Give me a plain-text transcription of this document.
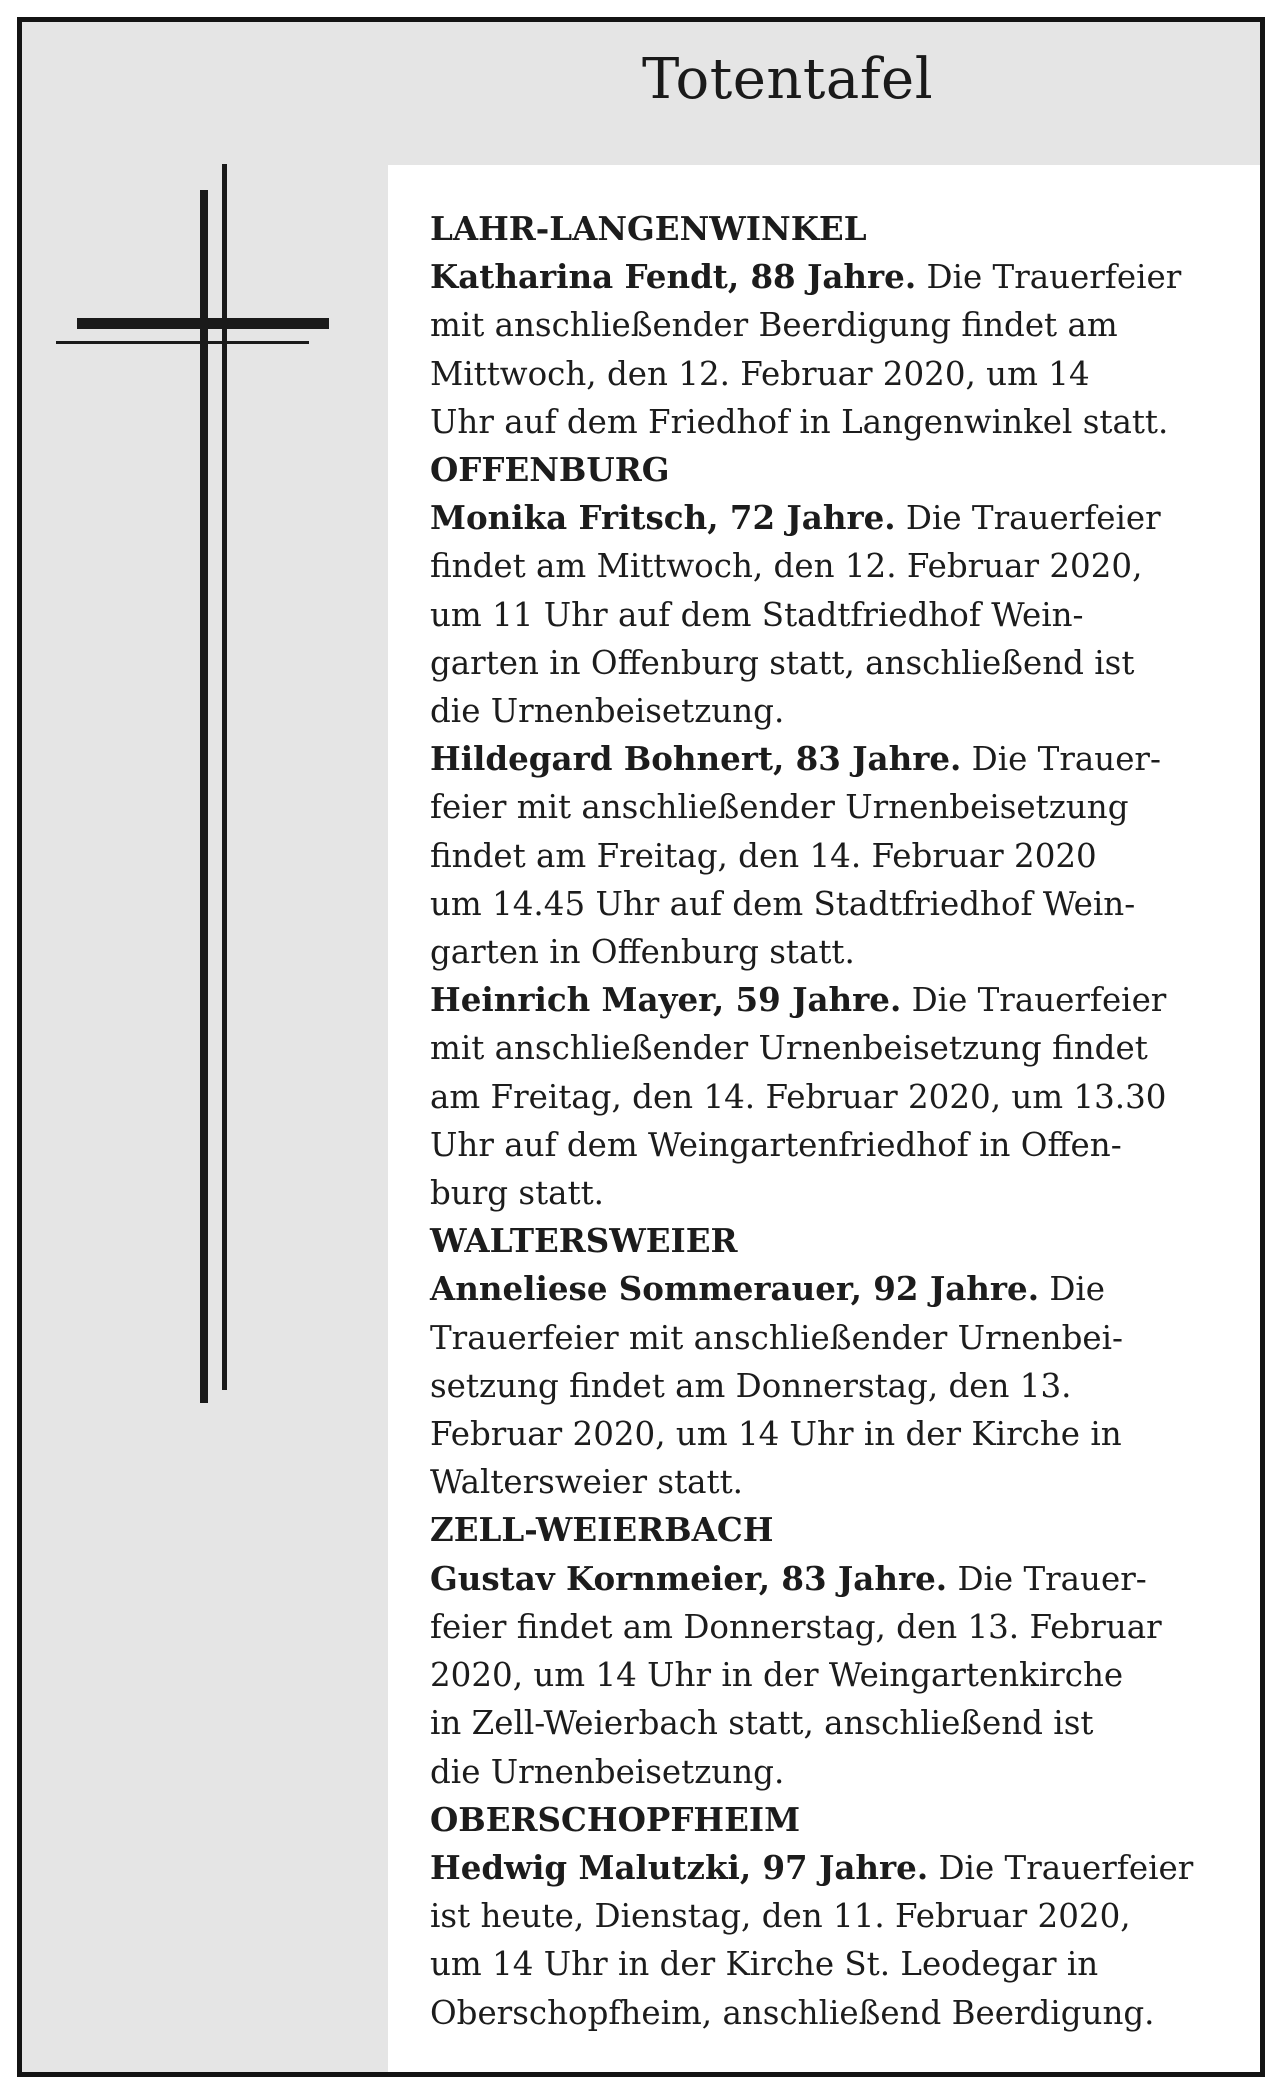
Totentafel
LAHR-LANGENWINKEL
Katharina Fendt, 88 Jahre. Die Trauerfeier
mit anschließender Beerdigung findet am
Mittwoch, den 12. Februar 2020, um 14
Uhr auf dem Friedhof in Langenwinkel statt.
OFFENBURG
Monika Fritsch, 72 Jahre. Die Trauerfeier
findet am Mittwoch, den 12. Februar 2020,
um 11 Uhr auf dem Stadtfriedhof Wein-
garten in Offenburg statt, anschließend ist
die Urnenbeisetzung.
Hildegard Bohnert, 83 Jahre. Die Trauer-
feier mit anschließender Urnenbeisetzung
findet am Freitag, den 14. Februar 2020
um 14.45 Uhr auf dem Stadtfriedhof Wein-
garten in Offenburg statt.
Heinrich Mayer, 59 Jahre. Die Trauerfeier
mit anschließender Urnenbeisetzung findet
am Freitag, den 14. Februar 2020, um 13.30
Uhr auf dem Weingartenfriedhof in Offen-
burg statt.
WALTERSWEIER
Anneliese Sommerauer, 92 Jahre. Die
Trauerfeier mit anschließender Urnenbei-
setzung findet am Donnerstag, den 13.
Februar 2020, um 14 Uhr in der Kirche in
Waltersweier statt.
ZELL-WEIERBACH
Gustav Kornmeier, 83 Jahre. Die Trauer-
feier findet am Donnerstag, den 13. Februar
2020, um 14 Uhr in der Weingartenkirche
in Zell-Weierbach statt, anschließend ist
die Urnenbeisetzung.
OBERSCHOPFHEIM
Hedwig Malutzki, 97 Jahre. Die Trauerfeier
ist heute, Dienstag, den 11. Februar 2020,
um 14 Uhr in der Kirche St. Leodegar in
Oberschopfheim, anschließend Beerdigung.
